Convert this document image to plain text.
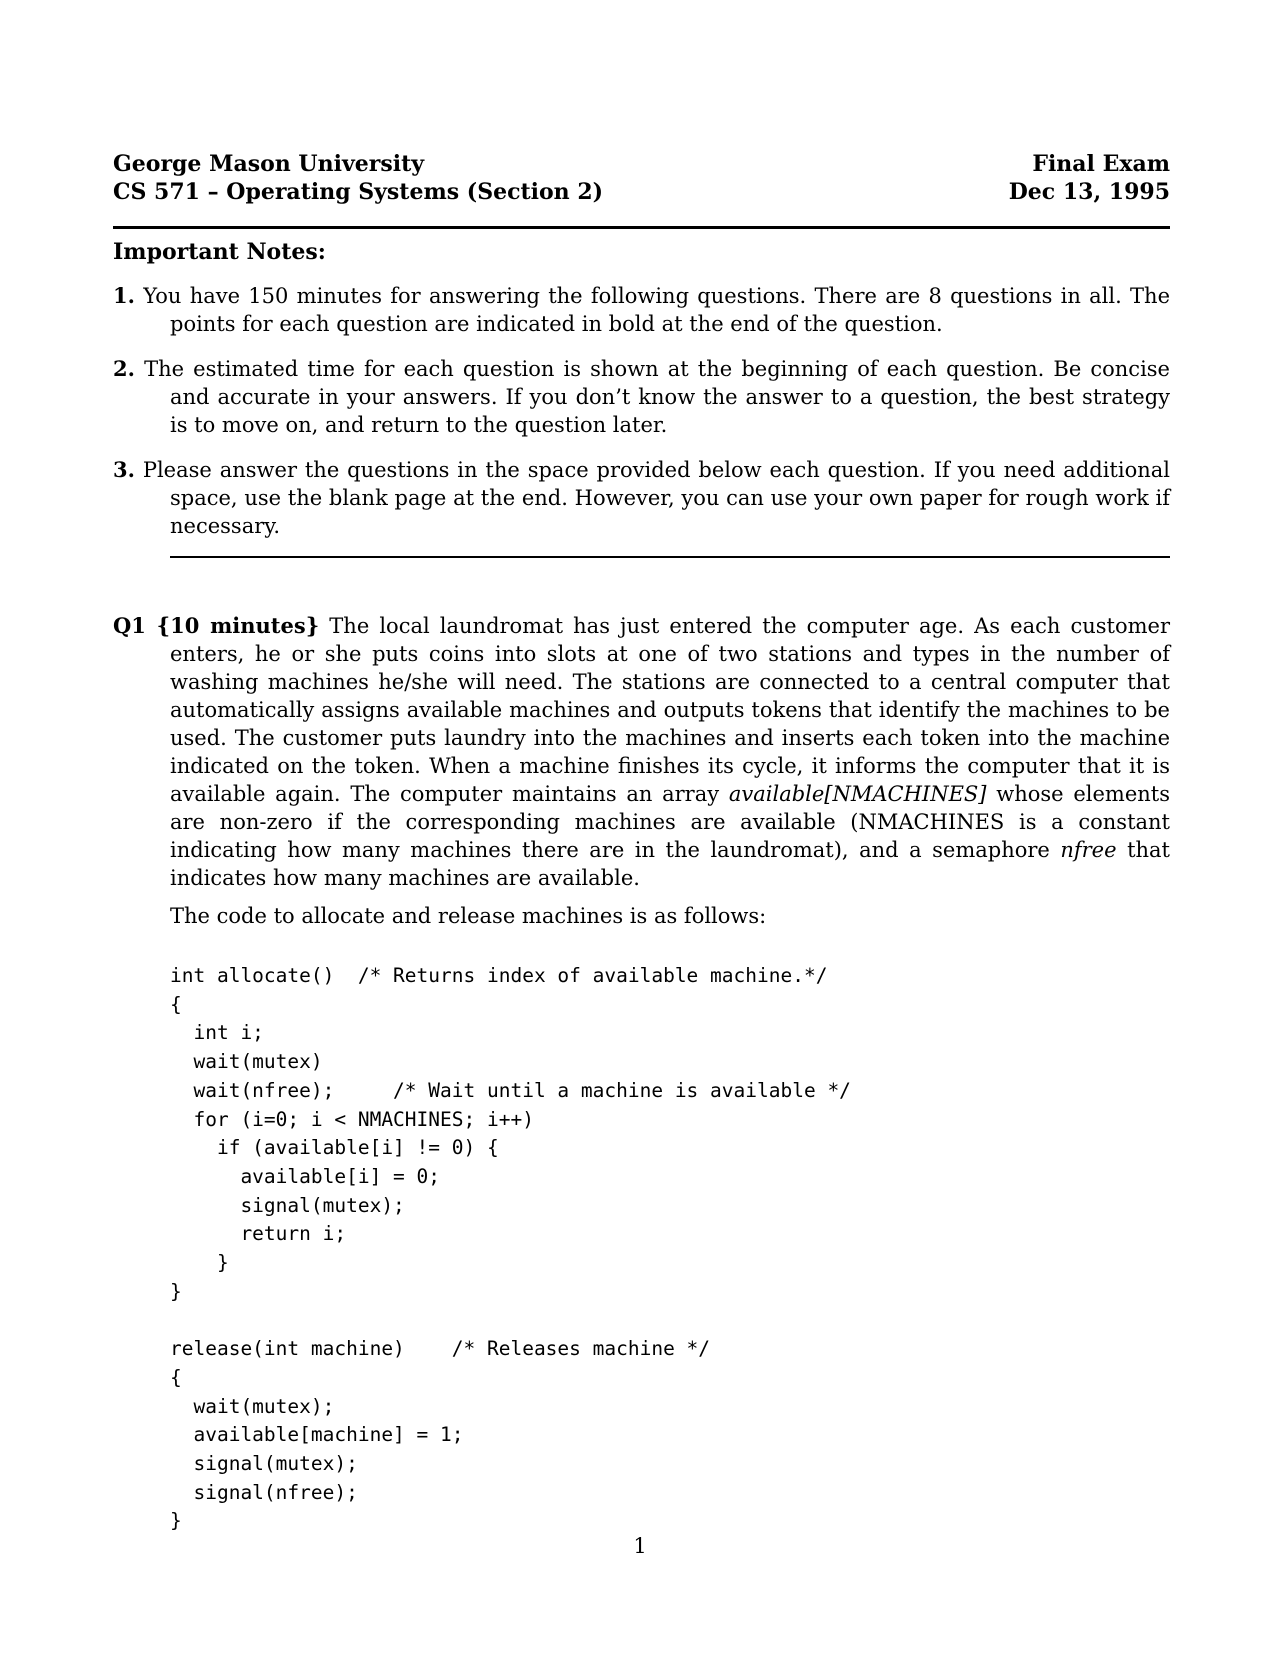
George Mason University
CS 571 – Operating Systems (Section 2)
Final Exam
Dec 13, 1995
Important Notes:
1. You have 150 minutes for answering the following questions. There are 8 questions in all. The points for each question are indicated in bold at the end of the question.
2. The estimated time for each question is shown at the beginning of each question. Be concise and accurate in your answers. If you don’t know the answer to a question, the best strategy is to move on, and return to the question later.
3. Please answer the questions in the space provided below each question. If you need additional space, use the blank page at the end. However, you can use your own paper for rough work if necessary.
Q1 {10 minutes} The local laundromat has just entered the computer age. As each customer enters, he or she puts coins into slots at one of two stations and types in the number of washing machines he/she will need. The stations are connected to a central computer that automatically assigns available machines and outputs tokens that identify the machines to be used. The customer puts laundry into the machines and inserts each token into the machine indicated on the token. When a machine finishes its cycle, it informs the computer that it is available again. The computer maintains an array available[NMACHINES] whose elements are non-zero if the corresponding machines are available (NMACHINES is a constant indicating how many machines there are in the laundromat), and a semaphore nfree that indicates how many machines are available.
The code to allocate and release machines is as follows:
int allocate()  /* Returns index of available machine.*/
{
int i;
wait(mutex)
wait(nfree);     /* Wait until a machine is available */
for (i=0; i < NMACHINES; i++)
if (available[i] != 0) {
available[i] = 0;
signal(mutex);
return i;
}
}

release(int machine)    /* Releases machine */
{
wait(mutex);
available[machine] = 1;
signal(mutex);
signal(nfree);
}
1
